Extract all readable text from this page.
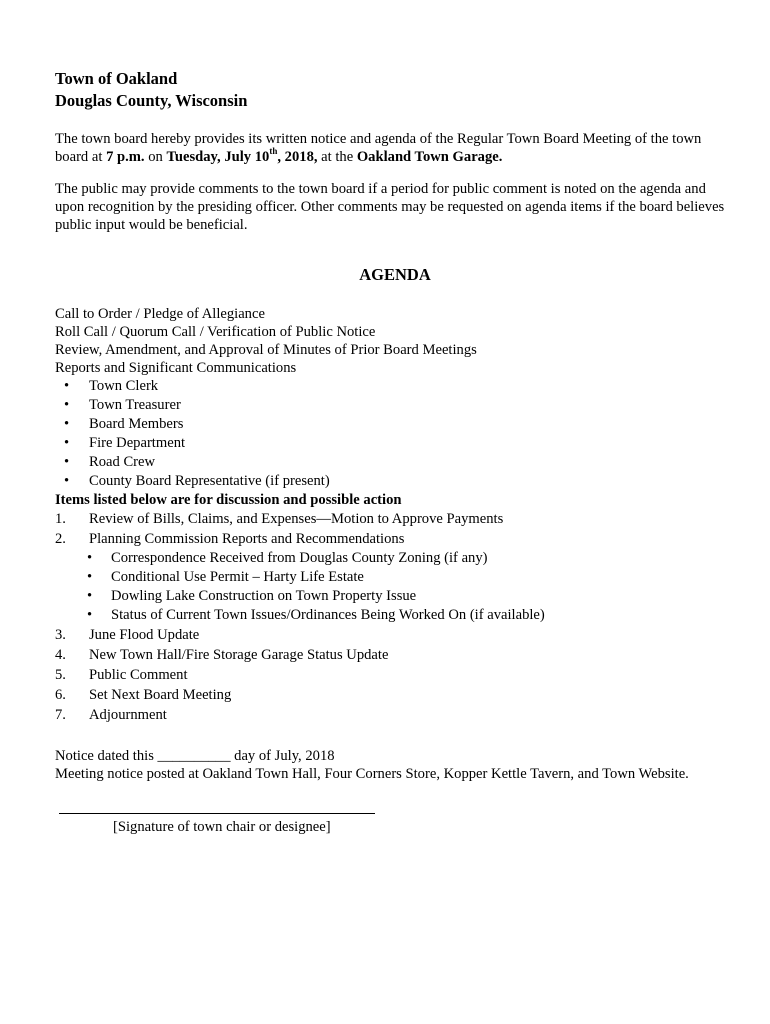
Town of Oakland
Douglas County, Wisconsin
The town board hereby provides its written notice and agenda of the Regular Town Board Meeting of the town board at 7 p.m. on Tuesday, July 10th, 2018, at the Oakland Town Garage.
The public may provide comments to the town board if a period for public comment is noted on the agenda and upon recognition by the presiding officer. Other comments may be requested on agenda items if the board believes public input would be beneficial.
AGENDA
Call to Order / Pledge of Allegiance
Roll Call / Quorum Call / Verification of Public Notice
Review, Amendment, and Approval of Minutes of Prior Board Meetings
Reports and Significant Communications
• Town Clerk
• Town Treasurer
• Board Members
• Fire Department
• Road Crew
• County Board Representative (if present)
Items listed below are for discussion and possible action
1. Review of Bills, Claims, and Expenses—Motion to Approve Payments
2. Planning Commission Reports and Recommendations
• Correspondence Received from Douglas County Zoning (if any)
• Conditional Use Permit – Harty Life Estate
• Dowling Lake Construction on Town Property Issue
• Status of Current Town Issues/Ordinances Being Worked On (if available)
3. June Flood Update
4. New Town Hall/Fire Storage Garage Status Update
5. Public Comment
6. Set Next Board Meeting
7. Adjournment
Notice dated this __________ day of July, 2018
Meeting notice posted at Oakland Town Hall, Four Corners Store, Kopper Kettle Tavern, and Town Website.
[Signature of town chair or designee]
